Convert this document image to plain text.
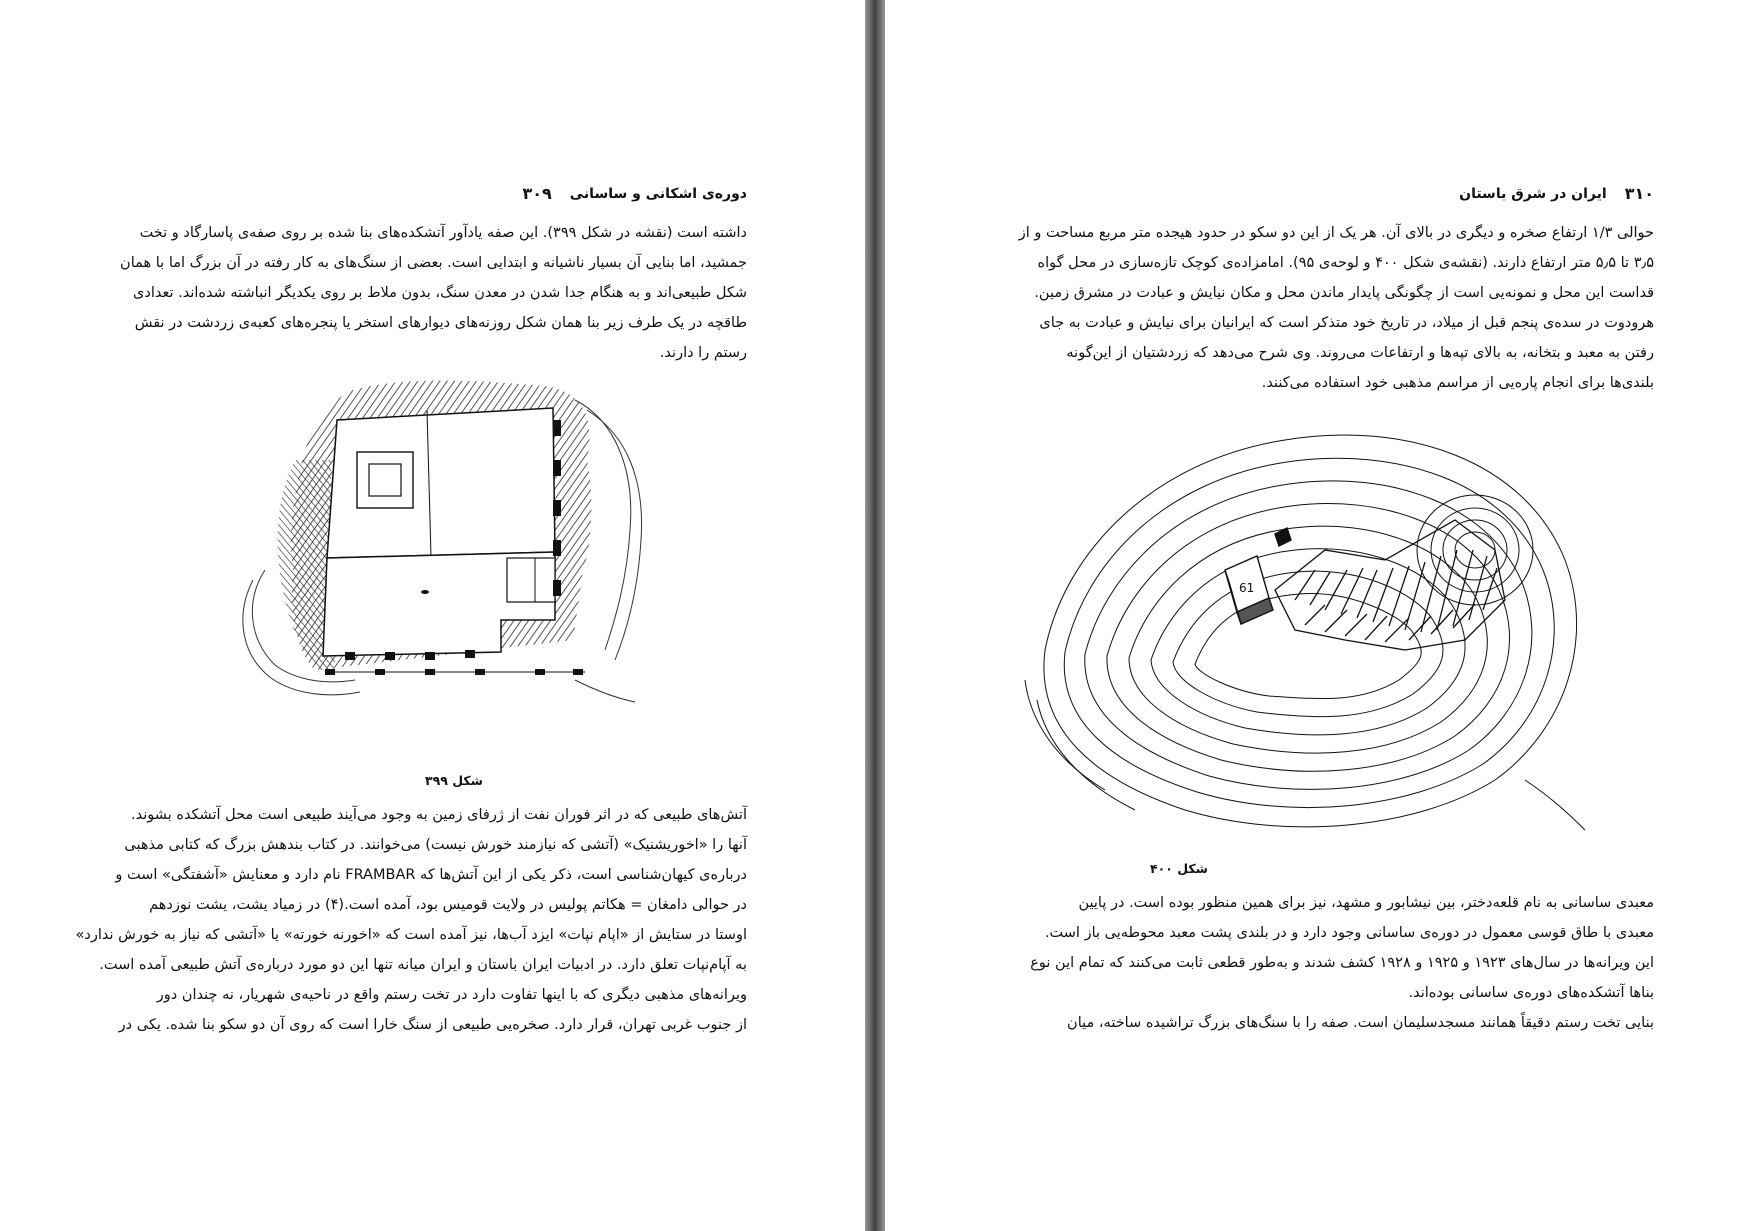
دوره‌ی اشکانی و ساسانی
۳۰۹
داشته است (نقشه در شکل ۳۹۹). این صفه یادآور آتشکده‌های بنا شده بر روی صفه‌ی پاسارگاد و تخت
جمشید، اما بنایی آن بسیار ناشیانه و ابتدایی است. بعضی از سنگ‌های به کار رفته در آن بزرگ اما با همان
شکل طبیعی‌اند و به هنگام جدا شدن در معدن سنگ، بدون ملاط بر روی یکدیگر انباشته شده‌اند. تعدادی
طاقچه در یک طرف زیر بنا همان شکل روزنه‌های دیوارهای استخر یا پنجره‌های کعبه‌ی زردشت در نقش
رستم را دارند.
شکل ۳۹۹
آتش‌های طبیعی که در اثر فوران نفت از ژرفای زمین به وجود می‌آیند طبیعی است محل آتشکده بشوند.
آنها را «اخوریشنیک» (آتشی که نیازمند خورش نیست) می‌خوانند. در کتاب بندهش بزرگ که کتابی مذهبی
درباره‌ی کیهان‌شناسی است، ذکر یکی از این آتش‌ها که FRAMBAR نام دارد و معنایش «آشفتگی» است و
در حوالی دامغان = هکاتم پولیس در ولایت قومیس بود، آمده است.(۴) در زمیاد یشت، یشت نوزدهم
اوستا در ستایش از «اپام نپات» ایزد آب‌ها، نیز آمده است که «اخورنه خورته» یا «آتشی که نیاز به خورش ندارد»
به آپام‌نپات تعلق دارد. در ادبیات ایران باستان و ایران میانه تنها این دو مورد درباره‌ی آتش طبیعی آمده است.
ویرانه‌های مذهبی دیگری که با اینها تفاوت دارد در تخت رستم واقع در ناحیه‌ی شهریار، نه چندان دور
از جنوب غربی تهران، قرار دارد. صخره‌یی طبیعی از سنگ خارا است که روی آن دو سکو بنا شده. یکی در
۳۱۰
ایران در شرق باستان
حوالی ۱/۳ ارتفاع صخره و دیگری در بالای آن. هر یک از این دو سکو در حدود هیجده متر مربع مساحت و از
۳٫۵ تا ۵٫۵ متر ارتفاع دارند. (نقشه‌ی شکل ۴۰۰ و لوحه‌ی ۹۵). امامزاده‌ی کوچک تازه‌سازی در محل گواه
قداست این محل و نمونه‌یی است از چگونگی پایدار ماندن محل و مکان نیایش و عبادت در مشرق زمین.
هرودوت در سده‌ی پنجم قبل از میلاد، در تاریخ خود متذکر است که ایرانیان برای نیایش و عبادت به جای
رفتن به معبد و بتخانه، به بالای تپه‌ها و ارتفاعات می‌روند. وی شرح می‌دهد که زردشتیان از این‌گونه
بلندی‌ها برای انجام پاره‌یی از مراسم مذهبی خود استفاده می‌کنند.
61
شکل ۴۰۰
معبدی ساسانی به نام قلعه‌دختر، بین نیشابور و مشهد، نیز برای همین منظور بوده است. در پایین
معبدی با طاق قوسی معمول در دوره‌ی ساسانی وجود دارد و در بلندی پشت معبد محوطه‌یی باز است.
این ویرانه‌ها در سال‌های ۱۹۲۳ و ۱۹۲۵ و ۱۹۲۸ کشف شدند و به‌طور قطعی ثابت می‌کنند که تمام این نوع
بناها آتشکده‌های دوره‌ی ساسانی بوده‌اند.
بنایی تخت رستم دقیقاً همانند مسجدسلیمان است. صفه را با سنگ‌های بزرگ تراشیده ساخته، میان
